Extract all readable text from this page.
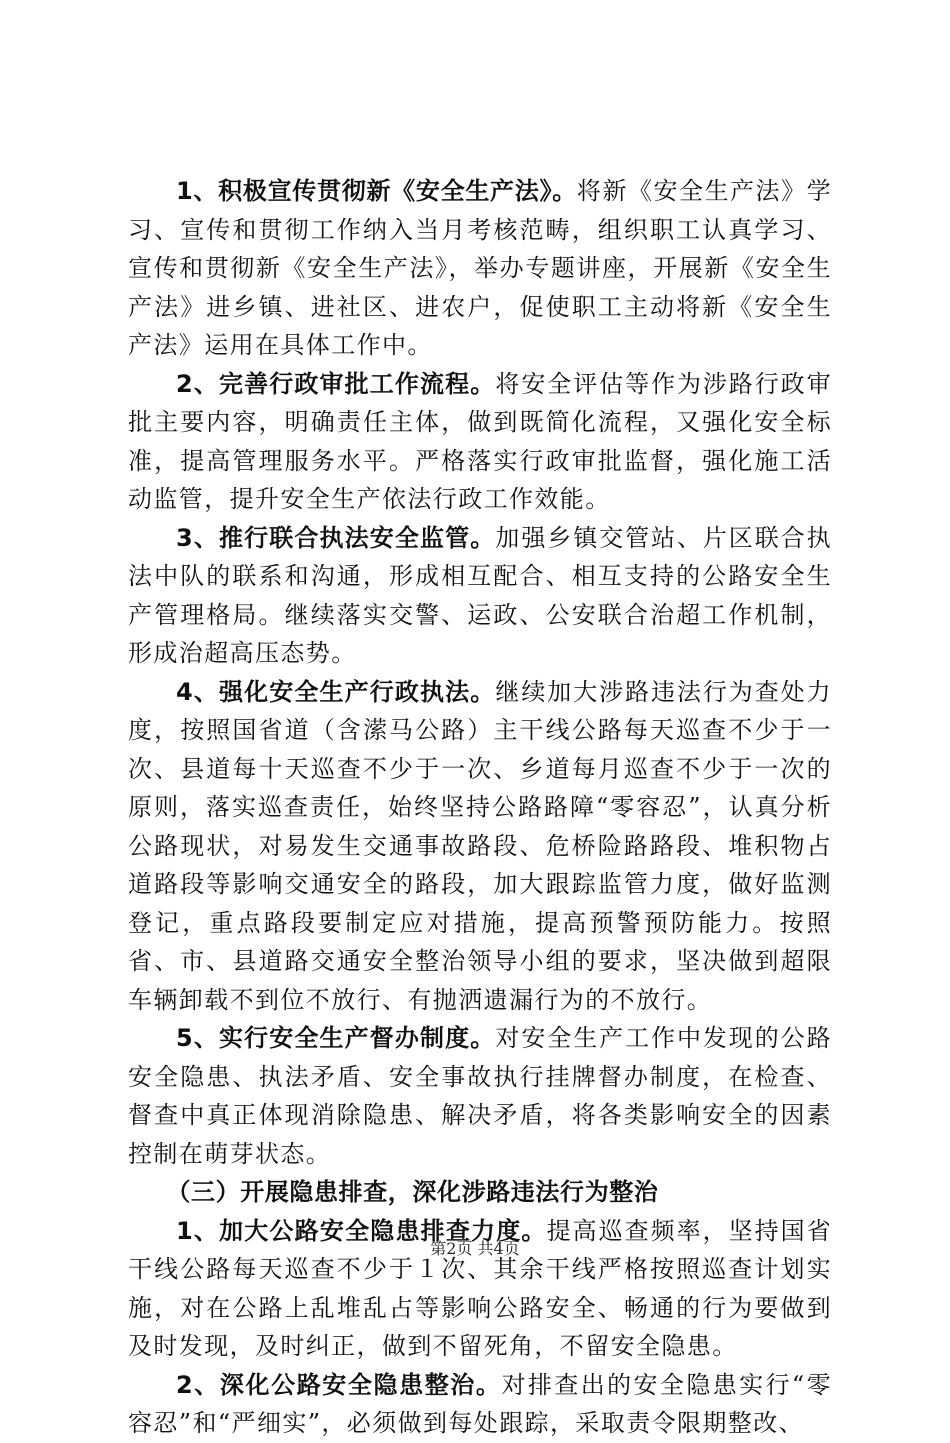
1、积极宣传贯彻新《安全生产法》。将新《安全生产法》学习、宣传和贯彻工作纳入当月考核范畴，组织职工认真学习、宣传和贯彻新《安全生产法》，举办专题讲座，开展新《安全生产法》进乡镇、进社区、进农户，促使职工主动将新《安全生产法》运用在具体工作中。

2、完善行政审批工作流程。将安全评估等作为涉路行政审批主要内容，明确责任主体，做到既简化流程，又强化安全标准，提高管理服务水平。严格落实行政审批监督，强化施工活动监管，提升安全生产依法行政工作效能。

3、推行联合执法安全监管。加强乡镇交管站、片区联合执法中队的联系和沟通，形成相互配合、相互支持的公路安全生产管理格局。继续落实交警、运政、公安联合治超工作机制，形成治超高压态势。

4、强化安全生产行政执法。继续加大涉路违法行为查处力度，按照国省道（含潆马公路）主干线公路每天巡查不少于一次、县道每十天巡查不少于一次、乡道每月巡查不少于一次的原则，落实巡查责任，始终坚持公路路障“零容忍”，认真分析公路现状，对易发生交通事故路段、危桥险路路段、堆积物占道路段等影响交通安全的路段，加大跟踪监管力度，做好监测登记，重点路段要制定应对措施，提高预警预防能力。按照省、市、县道路交通安全整治领导小组的要求，坚决做到超限车辆卸载不到位不放行、有抛洒遗漏行为的不放行。

5、实行安全生产督办制度。对安全生产工作中发现的公路安全隐患、执法矛盾、安全事故执行挂牌督办制度，在检查、督查中真正体现消除隐患、解决矛盾，将各类影响安全的因素控制在萌芽状态。

（三）开展隐患排查，深化涉路违法行为整治

1、加大公路安全隐患排查力度。提高巡查频率，坚持国省干线公路每天巡查不少于１次、其余干线严格按照巡查计划实施，对在公路上乱堆乱占等影响公路安全、畅通的行为要做到及时发现，及时纠正，做到不留死角，不留安全隐患。

2、深化公路安全隐患整治。对排查出的安全隐患实行“零容忍”和“严细实”，必须做到每处跟踪，采取责令限期整改、

第2页 共4页
